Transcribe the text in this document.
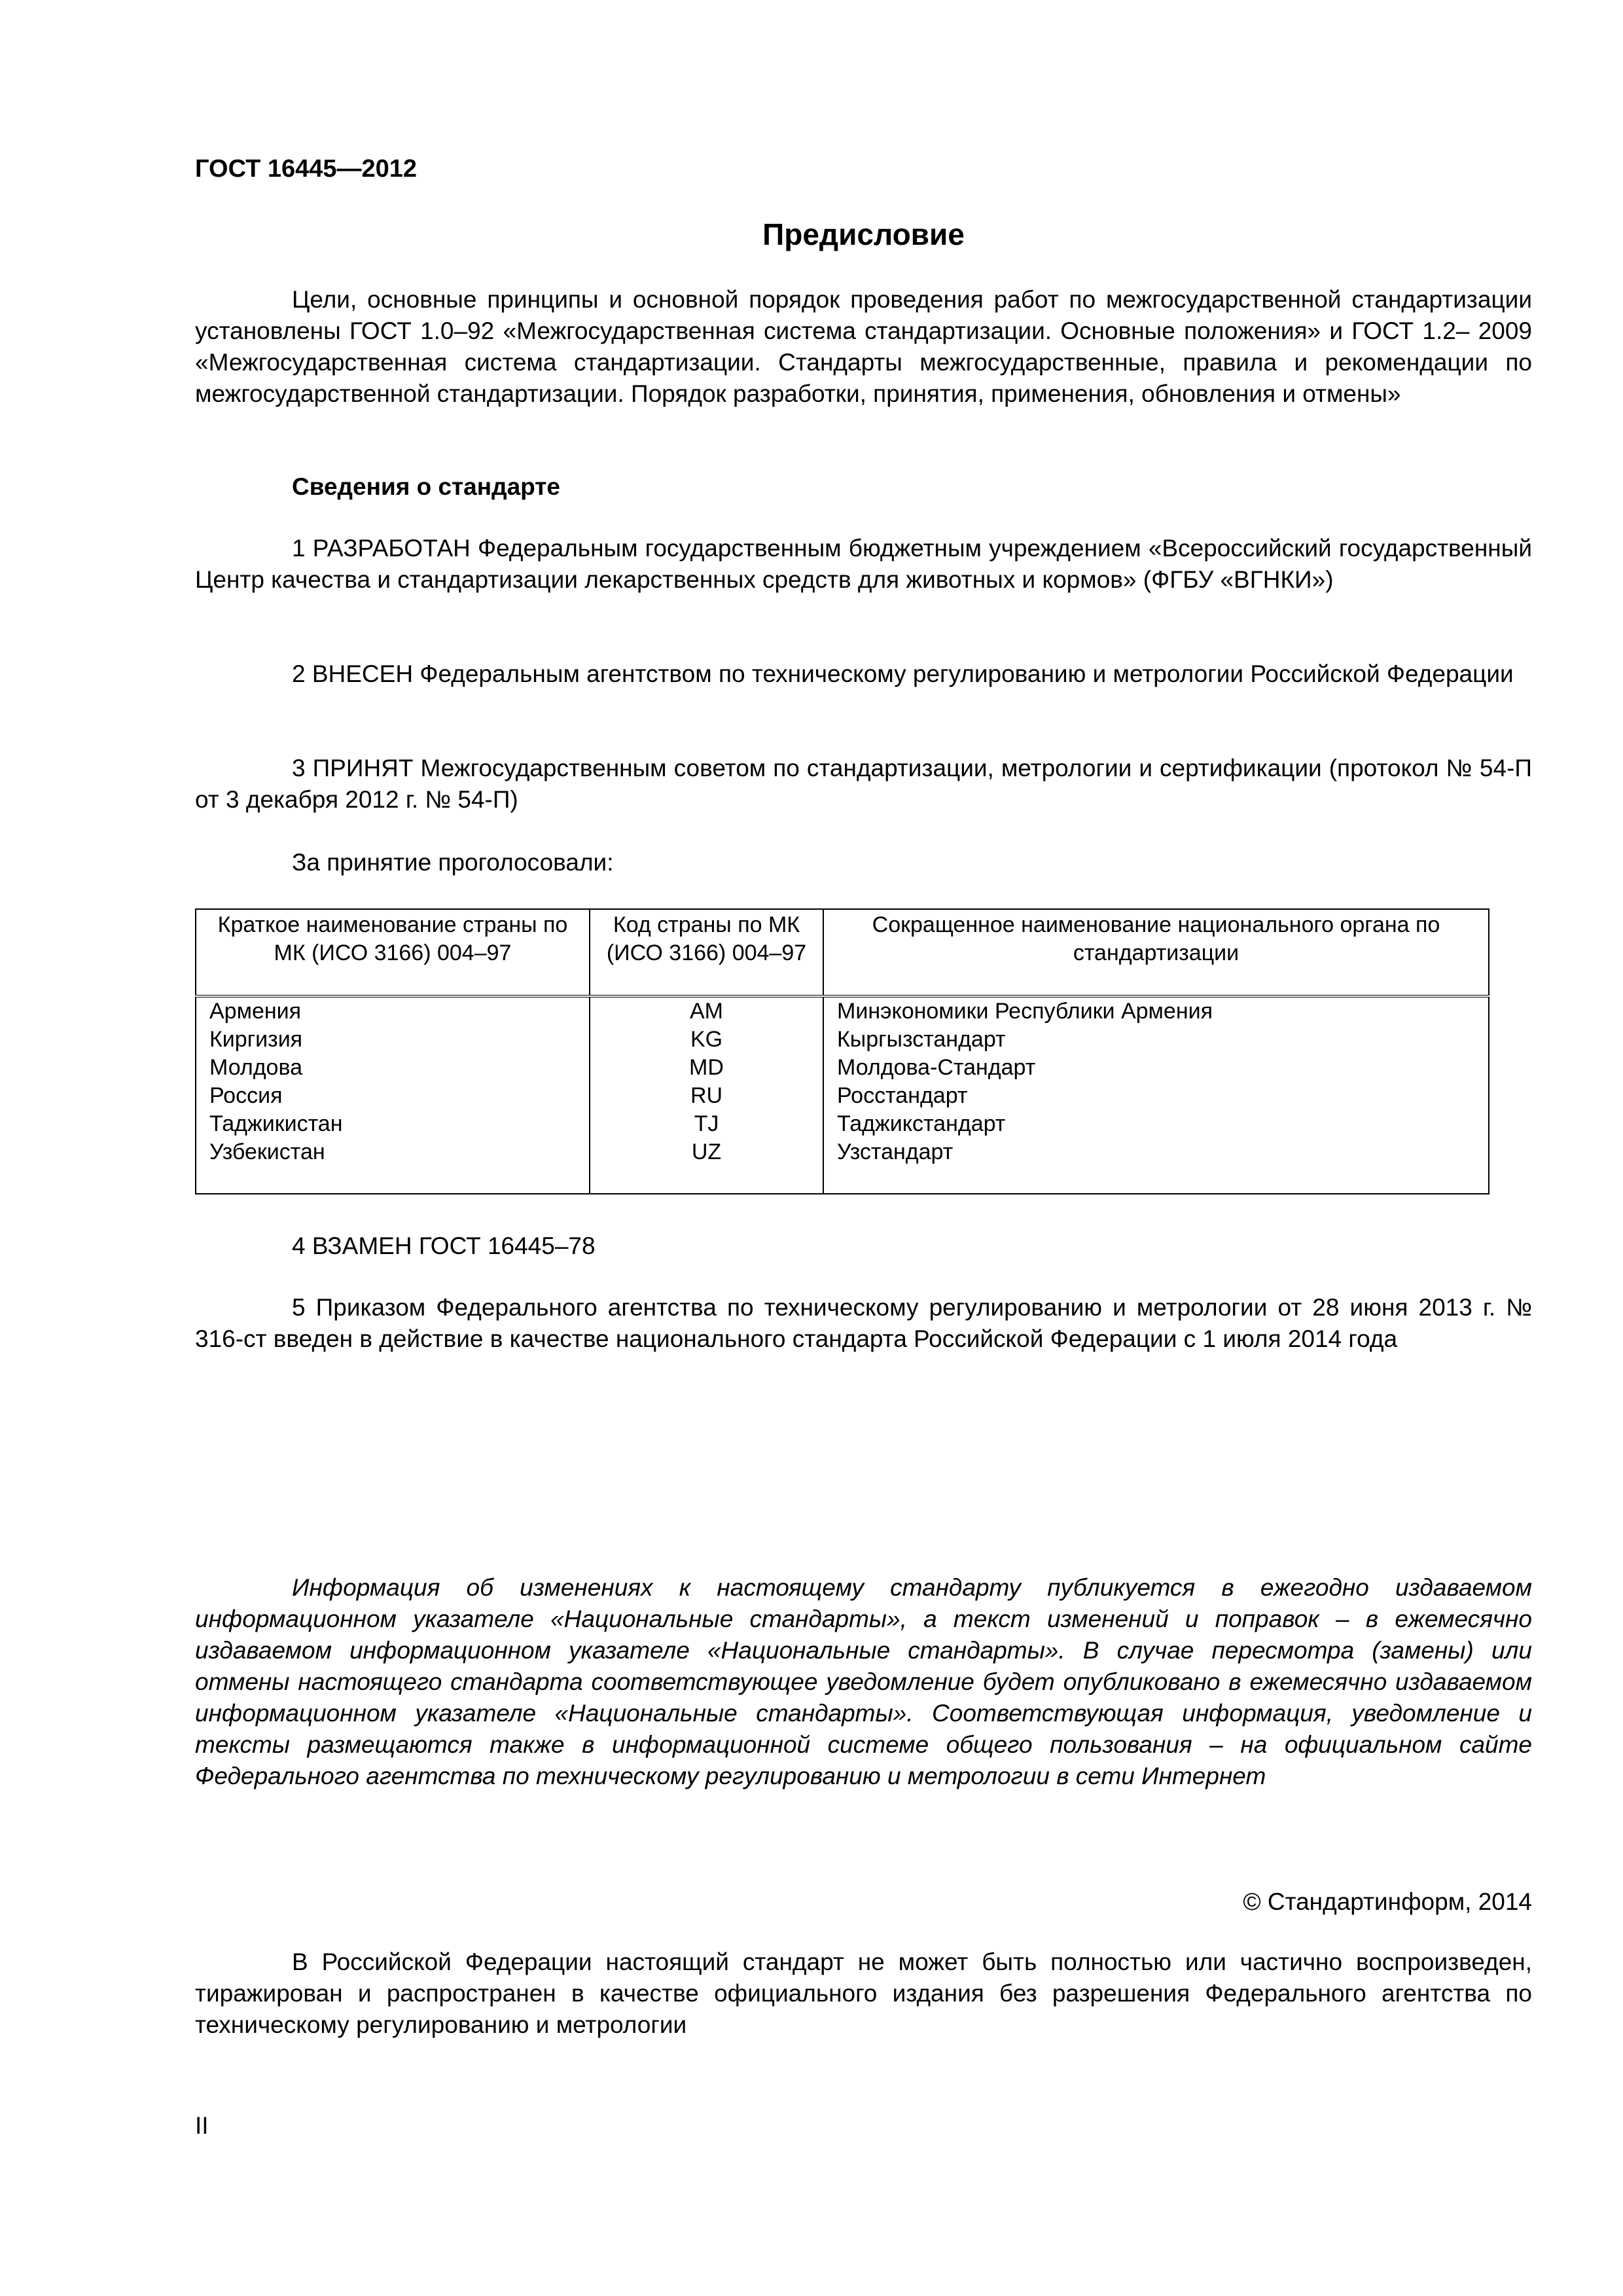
ГОСТ 16445—2012
Предисловие

Цели, основные принципы и основной порядок проведения работ по межгосударственной стандартизации установлены ГОСТ 1.0–92 «Межгосударственная система стандартизации. Основные положения» и ГОСТ 1.2– 2009 «Межгосударственная система стандартизации. Стандарты межгосударственные, правила и рекомендации по межгосударственной стандартизации. Порядок разработки, принятия, применения, обновления и отмены»

Сведения о стандарте

1 РАЗРАБОТАН Федеральным государственным бюджетным учреждением «Всероссийский государственный Центр качества и стандартизации лекарственных средств для животных и кормов» (ФГБУ «ВГНКИ»)

2 ВНЕСЕН Федеральным агентством по техническому регулированию и метрологии Российской Федерации

3 ПРИНЯТ Межгосударственным советом по стандартизации, метрологии и сертификации (протокол № 54-П от 3 декабря 2012 г. № 54-П)

За принятие проголосовали:

Краткое наименование страны по МК (ИСО 3166) 004–97	Код страны по МК (ИСО 3166) 004–97	Сокращенное наименование национального органа по стандартизации
Армения	AM	Минэкономики Республики Армения
Киргизия	KG	Кыргызстандарт
Молдова	MD	Молдова-Стандарт
Россия	RU	Росстандарт
Таджикистан	TJ	Таджикстандарт
Узбекистан	UZ	Узстандарт

4 ВЗАМЕН ГОСТ 16445–78

5 Приказом Федерального агентства по техническому регулированию и метрологии от 28 июня 2013 г. № 316-ст введен в действие в качестве национального стандарта Российской Федерации с 1 июля 2014 года

Информация об изменениях к настоящему стандарту публикуется в ежегодно издаваемом информационном указателе «Национальные стандарты», а текст изменений и поправок – в ежемесячно издаваемом информационном указателе «Национальные стандарты». В случае пересмотра (замены) или отмены настоящего стандарта соответствующее уведомление будет опубликовано в ежемесячно издаваемом информационном указателе «Национальные стандарты». Соответствующая информация, уведомление и тексты размещаются также в информационной системе общего пользования – на официальном сайте Федерального агентства по техническому регулированию и метрологии в сети Интернет

© Стандартинформ, 2014

В Российской Федерации настоящий стандарт не может быть полностью или частично воспроизведен, тиражирован и распространен в качестве официального издания без разрешения Федерального агентства по техническому регулированию и метрологии

II
